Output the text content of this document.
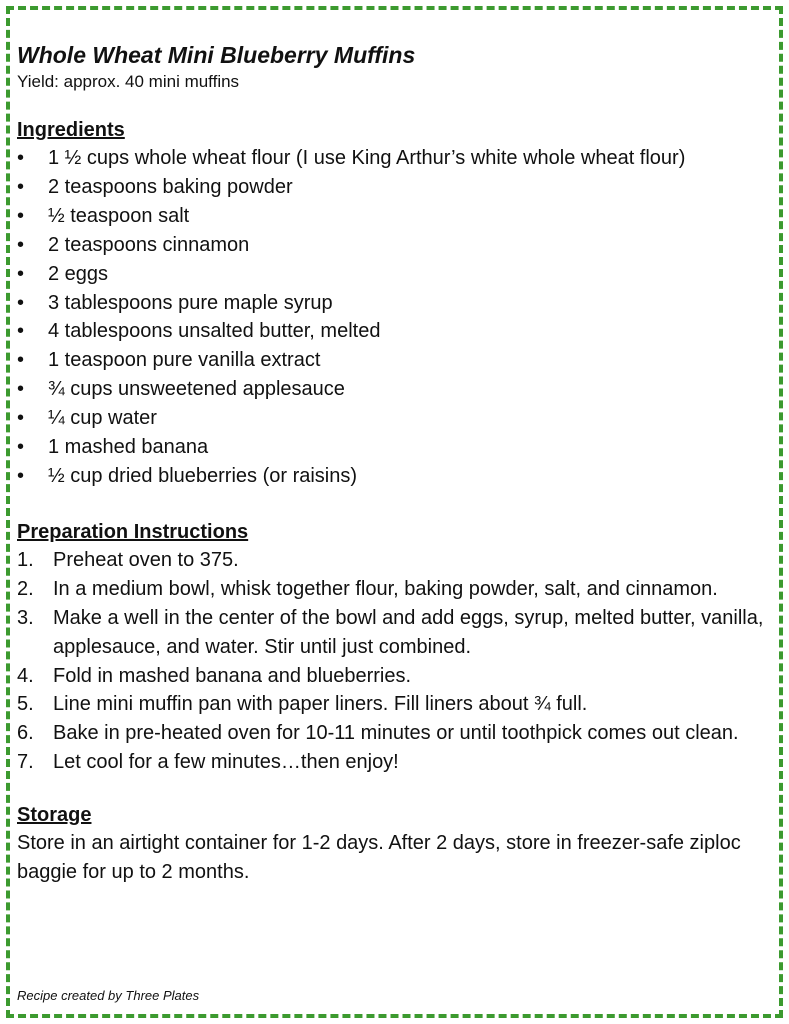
Whole Wheat Mini Blueberry Muffins

Yield: approx. 40 mini muffins

Ingredients
•	1 ½ cups whole wheat flour (I use King Arthur’s white whole wheat flour)
•	2 teaspoons baking powder
•	½ teaspoon salt
•	2 teaspoons cinnamon
•	2 eggs
•	3 tablespoons pure maple syrup
•	4 tablespoons unsalted butter, melted
•	1 teaspoon pure vanilla extract
•	¾ cups unsweetened applesauce
•	¼ cup water
•	1 mashed banana
•	½ cup dried blueberries (or raisins)
Preparation Instructions
1. Preheat oven to 375.
2. In a medium bowl, whisk together flour, baking powder, salt, and cinnamon.
3. Make a well in the center of the bowl and add eggs, syrup, melted butter, vanilla, applesauce, and water. Stir until just combined.
4. Fold in mashed banana and blueberries.
5. Line mini muffin pan with paper liners. Fill liners about ¾ full.
6. Bake in pre-heated oven for 10-11 minutes or until toothpick comes out clean.
7. Let cool for a few minutes…then enjoy!
Storage

Store in an airtight container for 1-2 days. After 2 days, store in freezer-safe ziploc baggie for up to 2 months.

Recipe created by Three Plates
